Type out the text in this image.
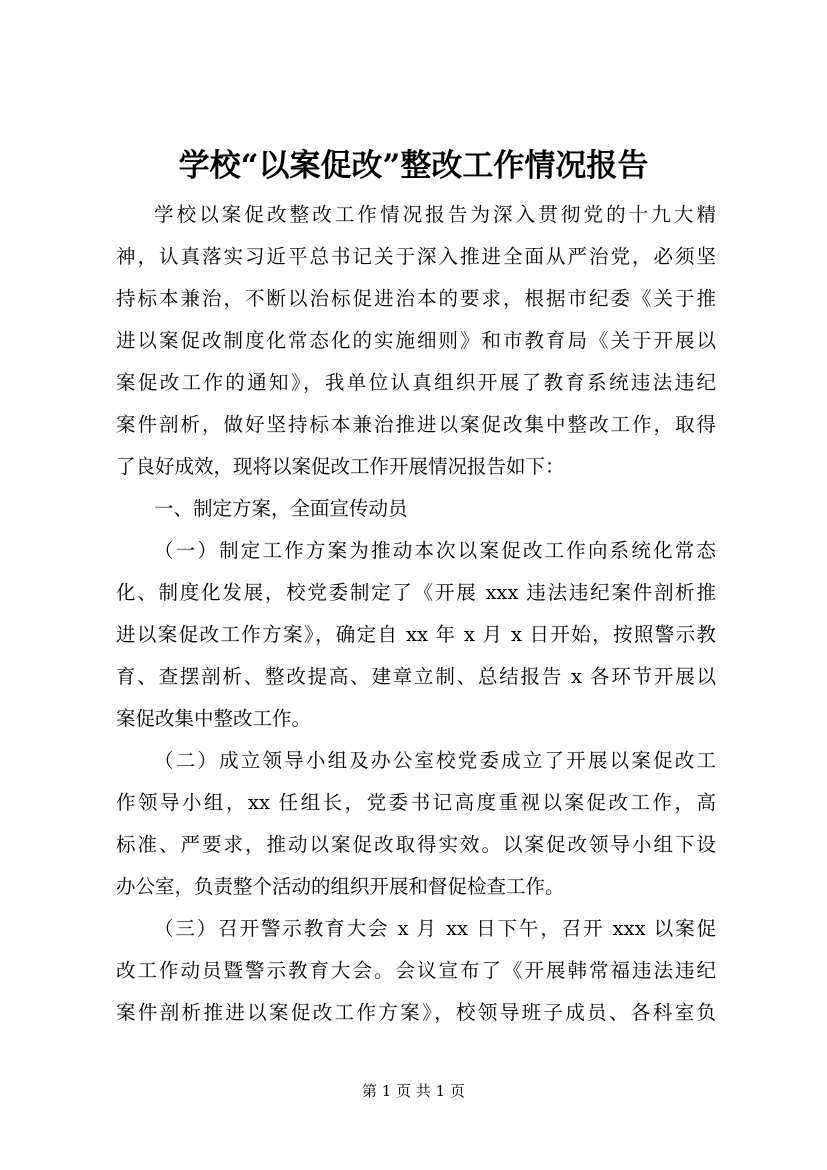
学校“以案促改”整改工作情况报告
学校以案促改整改工作情况报告为深入贯彻党的十九大精
神，认真落实习近平总书记关于深入推进全面从严治党，必须坚
持标本兼治，不断以治标促进治本的要求，根据市纪委《关于推
进以案促改制度化常态化的实施细则》和市教育局《关于开展以
案促改工作的通知》，我单位认真组织开展了教育系统违法违纪
案件剖析，做好坚持标本兼治推进以案促改集中整改工作，取得
了良好成效，现将以案促改工作开展情况报告如下：
一、制定方案，全面宣传动员
（一）制定工作方案为推动本次以案促改工作向系统化常态
化、制度化发展，校党委制定了《开展 xxx 违法违纪案件剖析推
进以案促改工作方案》，确定自 xx 年 x 月 x 日开始，按照警示教
育、查摆剖析、整改提高、建章立制、总结报告 x 各环节开展以
案促改集中整改工作。
（二）成立领导小组及办公室校党委成立了开展以案促改工
作领导小组，xx 任组长，党委书记高度重视以案促改工作，高
标准、严要求，推动以案促改取得实效。以案促改领导小组下设
办公室，负责整个活动的组织开展和督促检查工作。
（三）召开警示教育大会 x 月 xx 日下午，召开 xxx 以案促
改工作动员暨警示教育大会。会议宣布了《开展韩常福违法违纪
案件剖析推进以案促改工作方案》，校领导班子成员、各科室负
第 1 页 共 1 页
